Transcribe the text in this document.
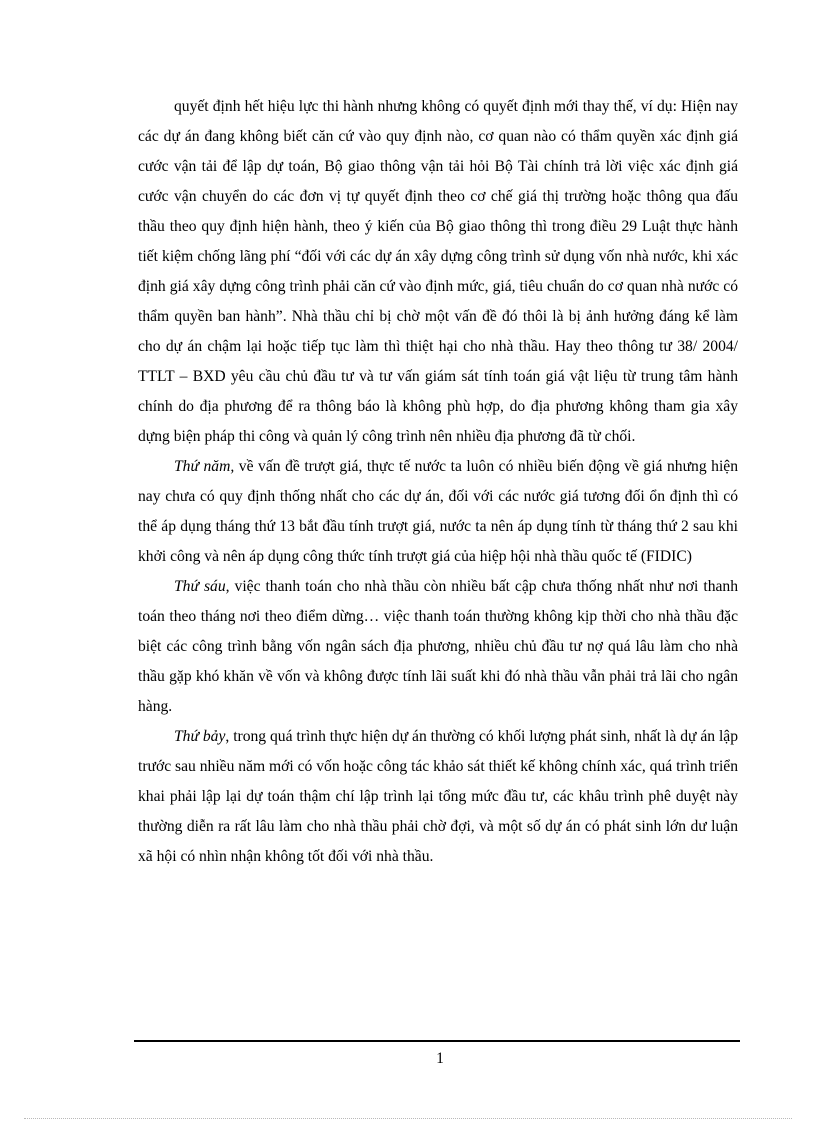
quyết định hết hiệu lực thi hành nhưng không có quyết định mới thay thế, ví dụ: Hiện nay các dự án đang không biết căn cứ vào quy định nào, cơ quan nào có thẩm quyền xác định giá cước vận tải để lập dự toán, Bộ giao thông vận tải hỏi Bộ Tài chính trả lời việc xác định giá cước vận chuyển do các đơn vị tự quyết định theo cơ chế giá thị trường hoặc thông qua đấu thầu theo quy định hiện hành, theo ý kiến của Bộ giao thông thì trong điều 29 Luật thực hành tiết kiệm chống lãng phí “đối với các dự án xây dựng công trình sử dụng vốn nhà nước, khi xác định giá xây dựng công trình phải căn cứ vào định mức, giá, tiêu chuẩn do cơ quan nhà nước có thẩm quyền ban hành”. Nhà thầu chỉ bị chờ một vấn đề đó thôi là bị ảnh hưởng đáng kể làm cho dự án chậm lại hoặc tiếp tục làm thì thiệt hại cho nhà thầu. Hay theo thông tư 38/ 2004/ TTLT – BXD yêu cầu chủ đầu tư và tư vấn giám sát tính toán giá vật liệu từ trung tâm hành chính do địa phương để ra thông báo là không phù hợp, do địa phương không tham gia xây dựng biện pháp thi công và quản lý công trình nên nhiều địa phương đã từ chối.

Thứ năm, về vấn đề trượt giá, thực tế nước ta luôn có nhiều biến động về giá nhưng hiện nay chưa có quy định thống nhất cho các dự án, đối với các nước giá tương đối ổn định thì có thể áp dụng tháng thứ 13 bắt đầu tính trượt giá, nước ta nên áp dụng tính từ tháng thứ 2 sau khi khởi công và nên áp dụng công thức tính trượt giá của hiệp hội nhà thầu quốc tế (FIDIC)

Thứ sáu, việc thanh toán cho nhà thầu còn nhiều bất cập chưa thống nhất như nơi thanh toán theo tháng nơi theo điểm dừng… việc thanh toán thường không kịp thời cho nhà thầu đặc biệt các công trình bằng vốn ngân sách địa phương, nhiều chủ đầu tư nợ quá lâu làm cho nhà thầu gặp khó khăn về vốn và không được tính lãi suất khi đó nhà thầu vẫn phải trả lãi cho ngân hàng.

Thứ bảy, trong quá trình thực hiện dự án thường có khối lượng phát sinh, nhất là dự án lập trước sau nhiều năm mới có vốn hoặc công tác khảo sát thiết kế không chính xác, quá trình triển khai phải lập lại dự toán thậm chí lập trình lại tổng mức đầu tư, các khâu trình phê duyệt này thường diễn ra rất lâu làm cho nhà thầu phải chờ đợi, và một số dự án có phát sinh lớn dư luận xã hội có nhìn nhận không tốt đối với nhà thầu.

1
